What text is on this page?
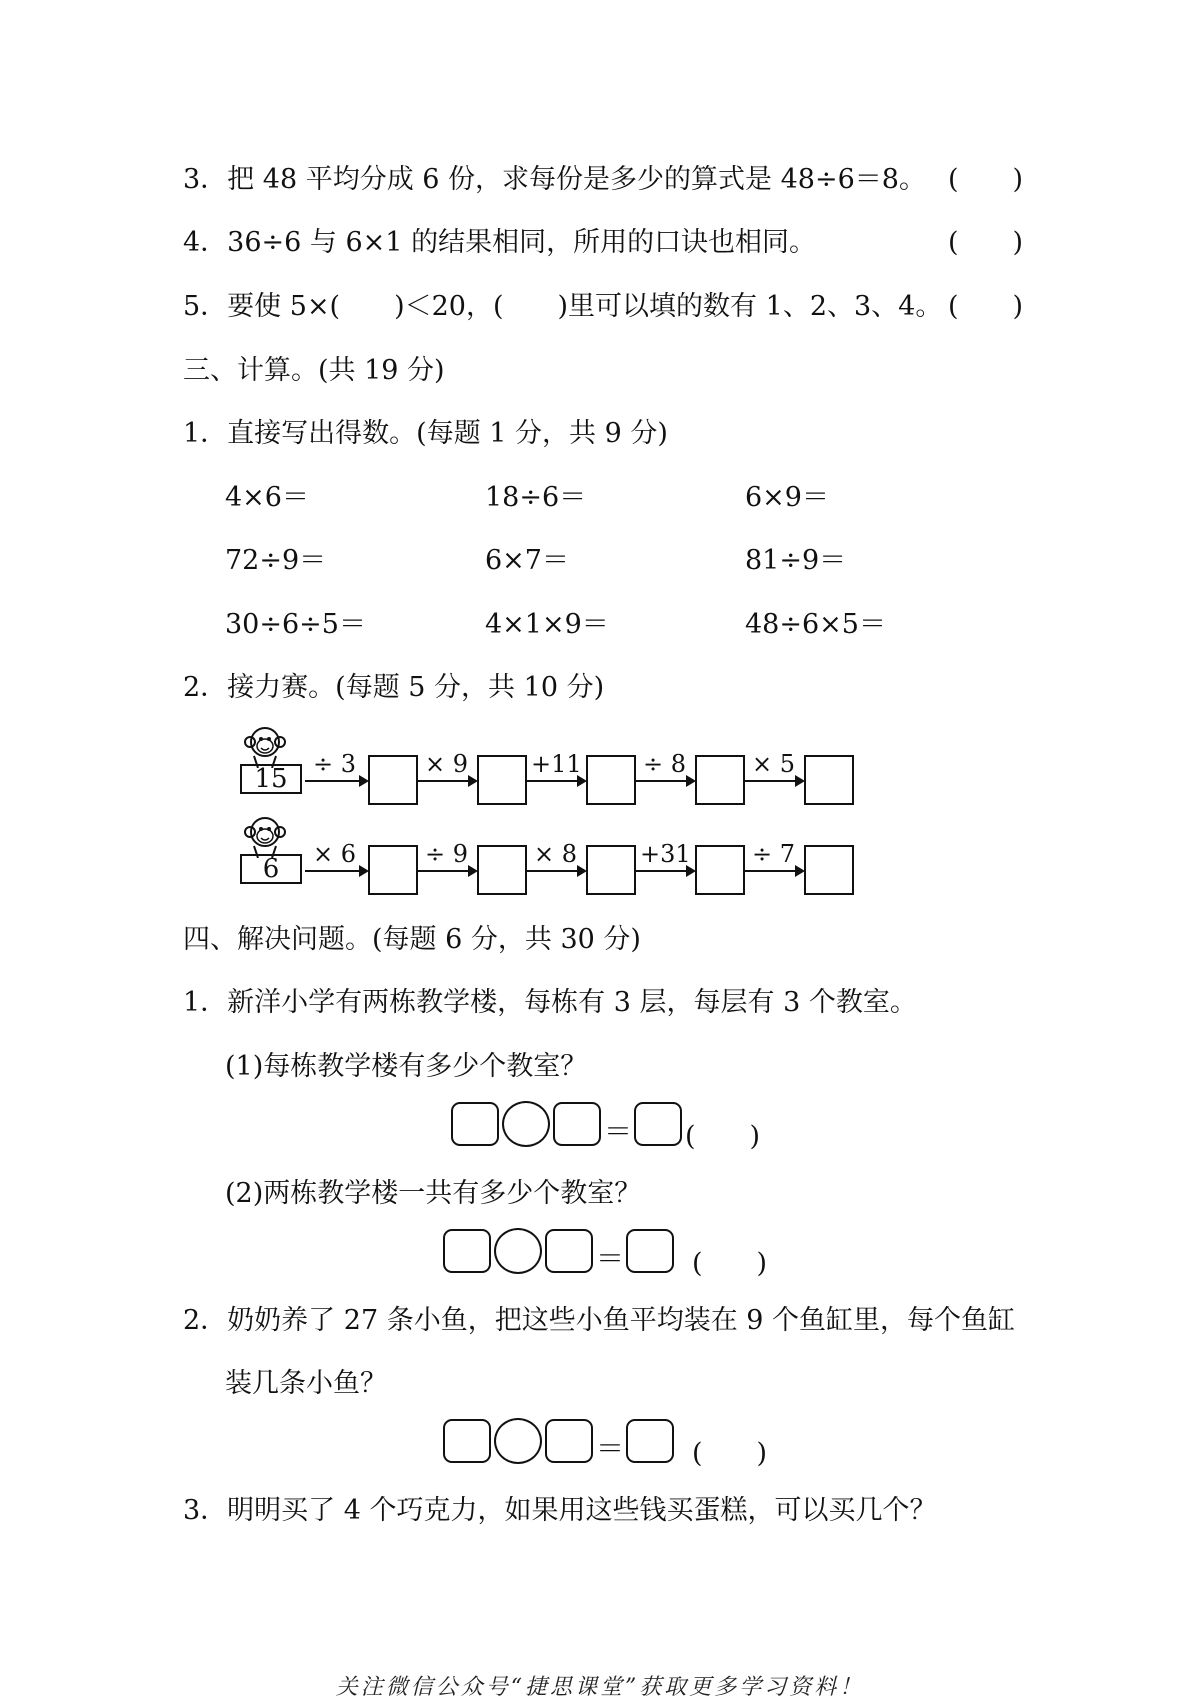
3．把 48 平均分成 6 份，求每份是多少的算式是 48÷6＝8。 (　　)
4．36÷6 与 6×1 的结果相同，所用的口诀也相同。	(　　)
5．要使 5×(　　)＜20，(　　)里可以填的数有 1、2、3、4。 (　　)
三、计算。(共 19 分)
1．直接写出得数。(每题 1 分，共 9 分)
4×6＝	18÷6＝	6×9＝
72÷9＝	6×7＝	81÷9＝
30÷6÷5＝	4×1×9＝	48÷6×5＝
2．接力赛。(每题 5 分，共 10 分)
15	÷ 3	× 9	+11	÷ 8	× 5
6	× 6	÷ 9	× 8	+31	÷ 7
四、解决问题。(每题 6 分，共 30 分)
1．新洋小学有两栋教学楼，每栋有 3 层，每层有 3 个教室。
(1)每栋教学楼有多少个教室？
＝ (　　)
(2)两栋教学楼一共有多少个教室？
＝	(　　)
2．奶奶养了 27 条小鱼，把这些小鱼平均装在 9 个鱼缸里，每个鱼缸
装几条小鱼？
＝	(　　)
3．明明买了 4 个巧克力，如果用这些钱买蛋糕，可以买几个？
关注微信公众号“捷思课堂”获取更多学习资料！
